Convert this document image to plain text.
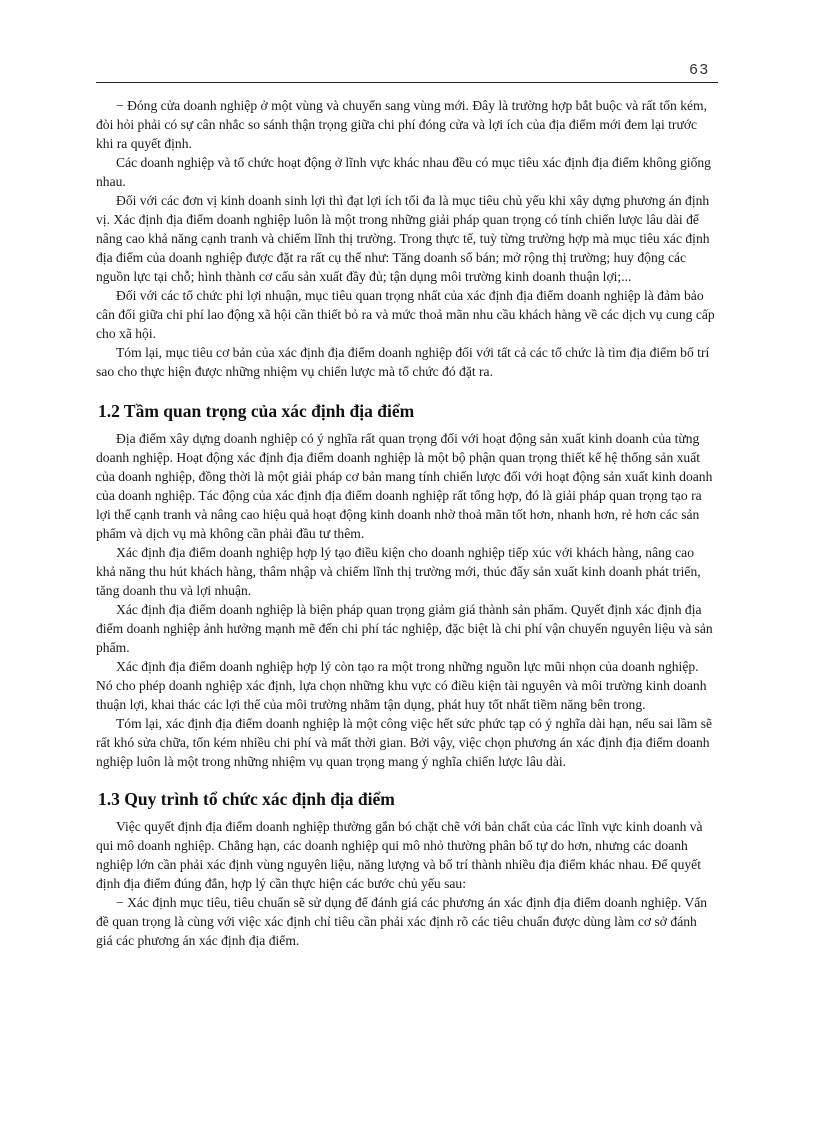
63

− Đóng cửa doanh nghiệp ở một vùng và chuyển sang vùng mới. Đây là trường hợp bắt buộc và rất tốn kém, đòi hỏi phải có sự cân nhắc so sánh thận trọng giữa chi phí đóng cửa và lợi ích của địa điểm mới đem lại trước khi ra quyết định.

Các doanh nghiệp và tổ chức hoạt động ở lĩnh vực khác nhau đều có mục tiêu xác định địa điểm không giống nhau.

Đối với các đơn vị kinh doanh sinh lợi thì đạt lợi ích tối đa là mục tiêu chủ yếu khi xây dựng phương án định vị. Xác định địa điểm doanh nghiệp luôn là một trong những giải pháp quan trọng có tính chiến lược lâu dài để nâng cao khả năng cạnh tranh và chiếm lĩnh thị trường. Trong thực tế, tuỳ từng trường hợp mà mục tiêu xác định địa điểm của doanh nghiệp được đặt ra rất cụ thể như: Tăng doanh số bán; mở rộng thị trường; huy động các nguồn lực tại chỗ; hình thành cơ cấu sản xuất đầy đủ; tận dụng môi trường kinh doanh thuận lợi;...

Đối với các tổ chức phi lợi nhuận, mục tiêu quan trọng nhất của xác định địa điểm doanh nghiệp là đảm bảo cân đối giữa chi phí lao động xã hội cần thiết bỏ ra và mức thoả mãn nhu cầu khách hàng về các dịch vụ cung cấp cho xã hội.

Tóm lại, mục tiêu cơ bản của xác định địa điểm doanh nghiệp đối với tất cả các tổ chức là tìm địa điểm bố trí sao cho thực hiện được những nhiệm vụ chiến lược mà tổ chức đó đặt ra.

1.2 Tầm quan trọng của xác định địa điểm

Địa điểm xây dựng doanh nghiệp có ý nghĩa rất quan trọng đối với hoạt động sản xuất kinh doanh của từng doanh nghiệp. Hoạt động xác định địa điểm doanh nghiệp là một bộ phận quan trọng thiết kế hệ thống sản xuất của doanh nghiệp, đồng thời là một giải pháp cơ bản mang tính chiến lược đối với hoạt động sản xuất kinh doanh của doanh nghiệp. Tác động của xác định địa điểm doanh nghiệp rất tổng hợp, đó là giải pháp quan trọng tạo ra lợi thế cạnh tranh và nâng cao hiệu quả hoạt động kinh doanh nhờ thoả mãn tốt hơn, nhanh hơn, rẻ hơn các sản phẩm và dịch vụ mà không cần phải đầu tư thêm.

Xác định địa điểm doanh nghiệp hợp lý tạo điều kiện cho doanh nghiệp tiếp xúc với khách hàng, nâng cao khả năng thu hút khách hàng, thâm nhập và chiếm lĩnh thị trường mới, thúc đẩy sản xuất kinh doanh phát triển, tăng doanh thu và lợi nhuận.

Xác định địa điểm doanh nghiệp là biện pháp quan trọng giảm giá thành sản phẩm. Quyết định xác định địa điểm doanh nghiệp ảnh hưởng mạnh mẽ đến chi phí tác nghiệp, đặc biệt là chi phí vận chuyển nguyên liệu và sản phẩm.

Xác định địa điểm doanh nghiệp hợp lý còn tạo ra một trong những nguồn lực mũi nhọn của doanh nghiệp. Nó cho phép doanh nghiệp xác định, lựa chọn những khu vực có điều kiện tài nguyên và môi trường kinh doanh thuận lợi, khai thác các lợi thế của môi trường nhằm tận dụng, phát huy tốt nhất tiềm năng bên trong.

Tóm lại, xác định địa điểm doanh nghiệp là một công việc hết sức phức tạp có ý nghĩa dài hạn, nếu sai lầm sẽ rất khó sửa chữa, tốn kém nhiều chi phí và mất thời gian. Bởi vậy, việc chọn phương án xác định địa điểm doanh nghiệp luôn là một trong những nhiệm vụ quan trọng mang ý nghĩa chiến lược lâu dài.

1.3 Quy trình tổ chức xác định địa điểm

Việc quyết định địa điểm doanh nghiệp thường gắn bó chặt chẽ với bản chất của các lĩnh vực kinh doanh và qui mô doanh nghiệp. Chẳng hạn, các doanh nghiệp qui mô nhỏ thường phân bố tự do hơn, nhưng các doanh nghiệp lớn cần phải xác định vùng nguyên liệu, năng lượng và bố trí thành nhiều địa điểm khác nhau. Để quyết định địa điểm đúng đắn, hợp lý cần thực hiện các bước chủ yếu sau:

− Xác định mục tiêu, tiêu chuẩn sẽ sử dụng để đánh giá các phương án xác định địa điểm doanh nghiệp. Vấn đề quan trọng là cùng với việc xác định chỉ tiêu cần phải xác định rõ các tiêu chuẩn được dùng làm cơ sở đánh giá các phương án xác định địa điểm.
